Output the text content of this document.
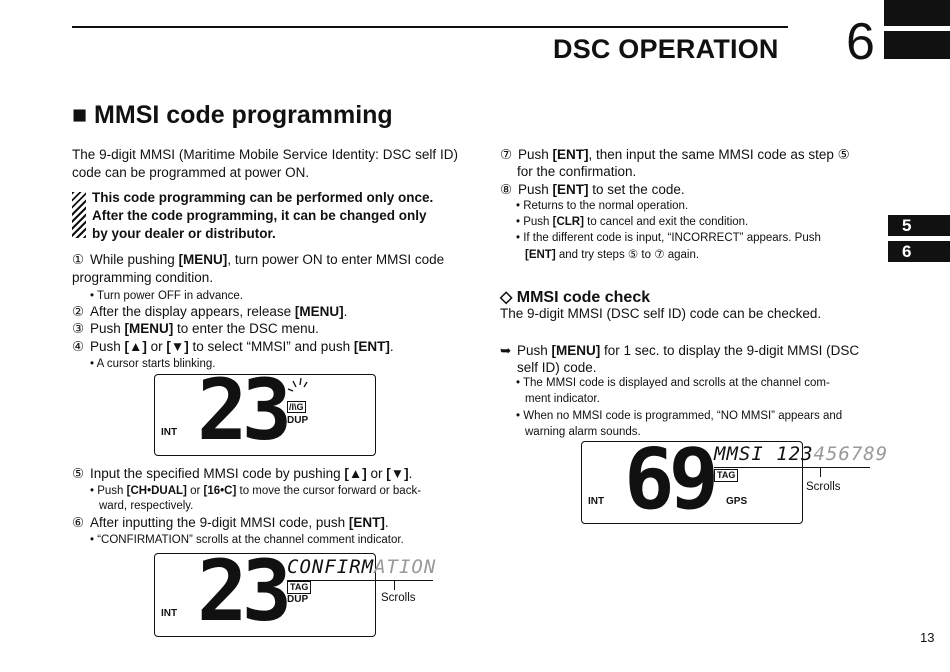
DSC OPERATION 6
5
6
■ MMSI code programming
The 9-digit MMSI (Maritime Mobile Service Identity: DSC self ID) code can be programmed at power ON.
This code programming can be performed only once.
After the code programming, it can be changed only
by your dealer or distributor.
① While pushing [MENU], turn power ON to enter MMSI code programming condition.
• Turn power OFF in advance.
② After the display appears, release [MENU].
③ Push [MENU] to enter the DSC menu.
④ Push [▲] or [▼] to select “MMSI” and push [ENT].
• A cursor starts blinking.
23
INT
/I\G
DUP
⑤ Input the specified MMSI code by pushing [▲] or [▼].
• Push [CH•DUAL] or [16•C] to move the cursor forward or back-
ward, respectively.
⑥ After inputting the 9-digit MMSI code, push [ENT].
• “CONFIRMATION” scrolls at the channel comment indicator.
23
INT
TAG
DUP
CONFIRMATION
Scrolls
⑦ Push [ENT], then input the same MMSI code as step ⑤
for the confirmation.
⑧ Push [ENT] to set the code.
• Returns to the normal operation.
• Push [CLR] to cancel and exit the condition.
• If the different code is input, “INCORRECT” appears. Push
[ENT] and try steps ⑤ to ⑦ again.
◇ MMSI code check
The 9-digit MMSI (DSC self ID) code can be checked.
➥ Push [MENU] for 1 sec. to display the 9-digit MMSI (DSC
self ID) code.
• The MMSI code is displayed and scrolls at the channel com-
ment indicator.
• When no MMSI code is programmed, “NO MMSI” appears and
warning alarm sounds.
69
INT
TAG
GPS
MMSI 123456789
Scrolls
13
